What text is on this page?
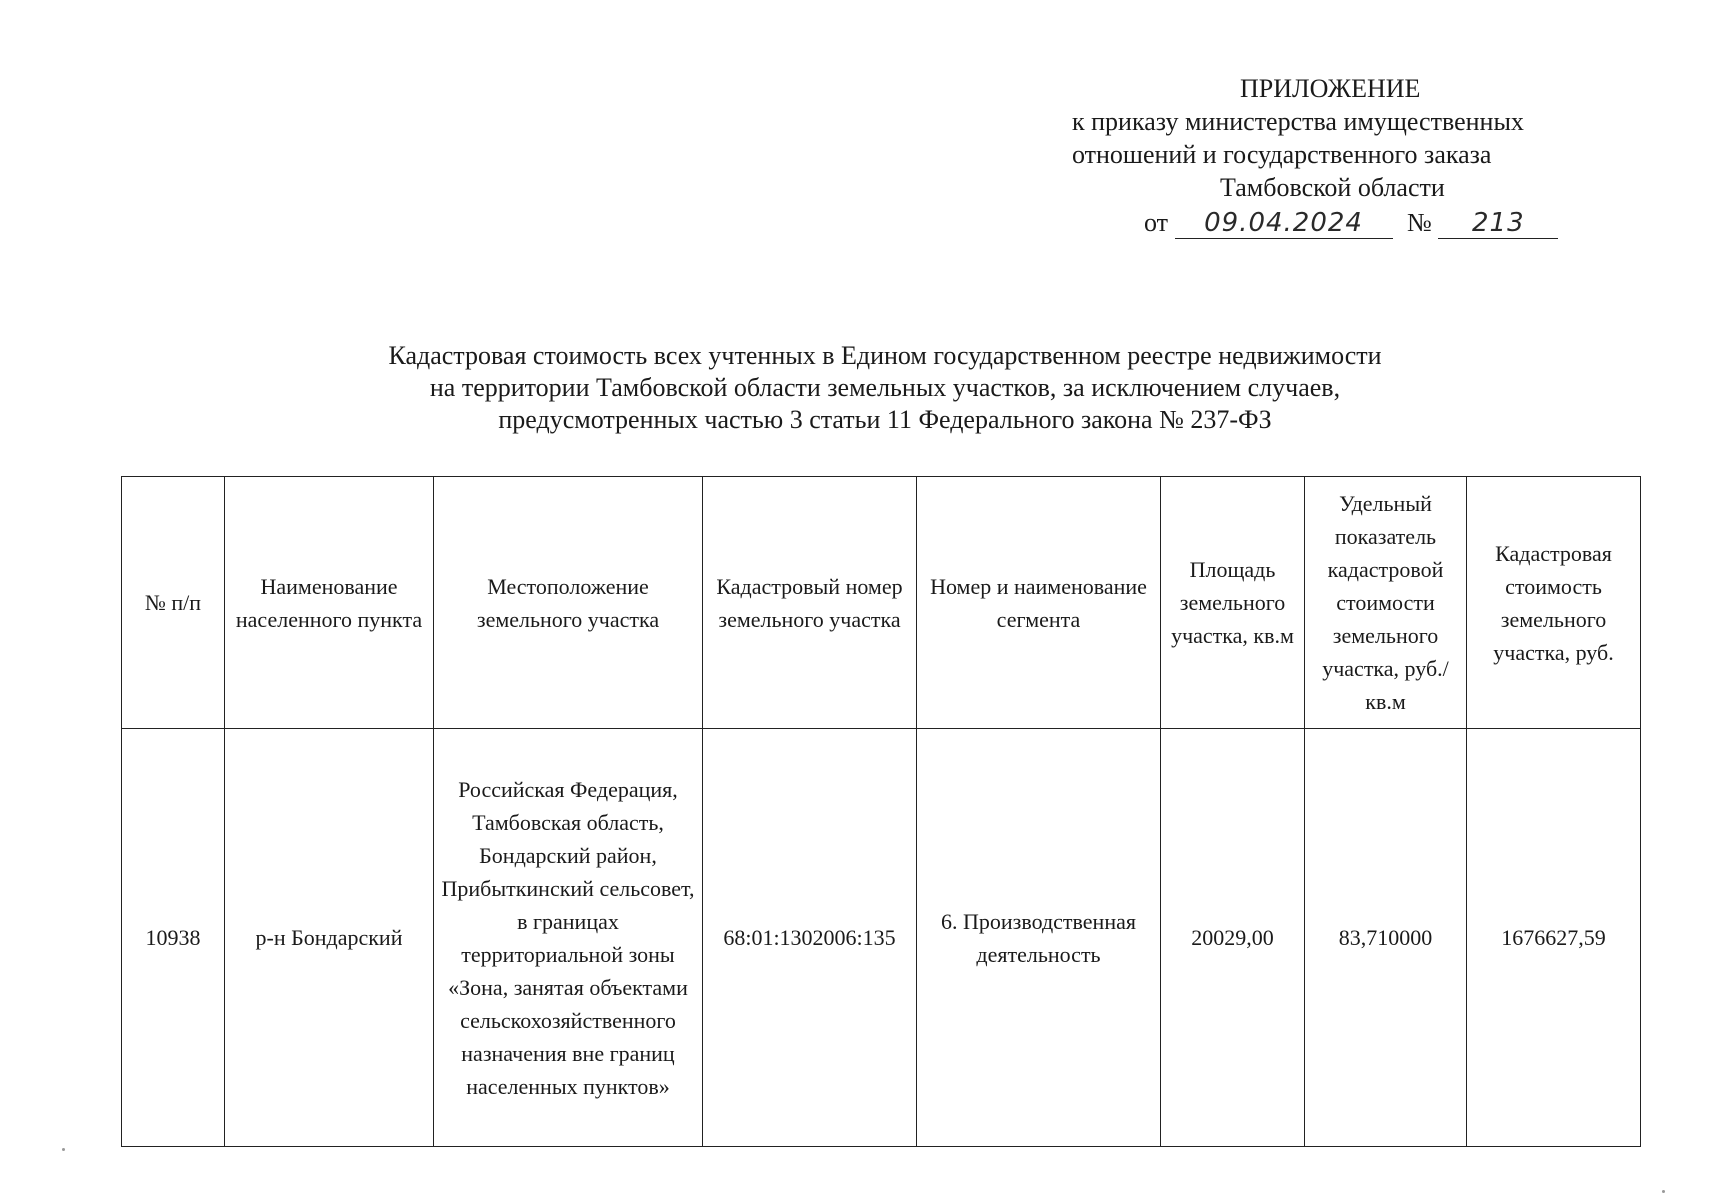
ПРИЛОЖЕНИЕ
к приказу министерства имущественных
отношений и государственного заказа
Тамбовской области
от 09.04.2024 № 213
Кадастровая стоимость всех учтенных в Едином государственном реестре недвижимости
на территории Тамбовской области земельных участков, за исключением случаев,
предусмотренных частью 3 статьи 11 Федерального закона № 237-ФЗ
№ п/п	Наименование населенного пункта	Местоположение земельного участка	Кадастровый номер земельного участка	Номер и наименование сегмента	Площадь земельного участка, кв.м	Удельный показатель кадастровой стоимости земельного участка, руб./кв.м	Кадастровая стоимость земельного участка, руб.
10938	р-н Бондарский	Российская Федерация, Тамбовская область, Бондарский район, Прибыткинский сельсовет, в границах территориальной зоны «Зона, занятая объектами сельскохозяйственного назначения вне границ населенных пунктов»	68:01:1302006:135	6. Производственная деятельность	20029,00	83,710000	1676627,59
